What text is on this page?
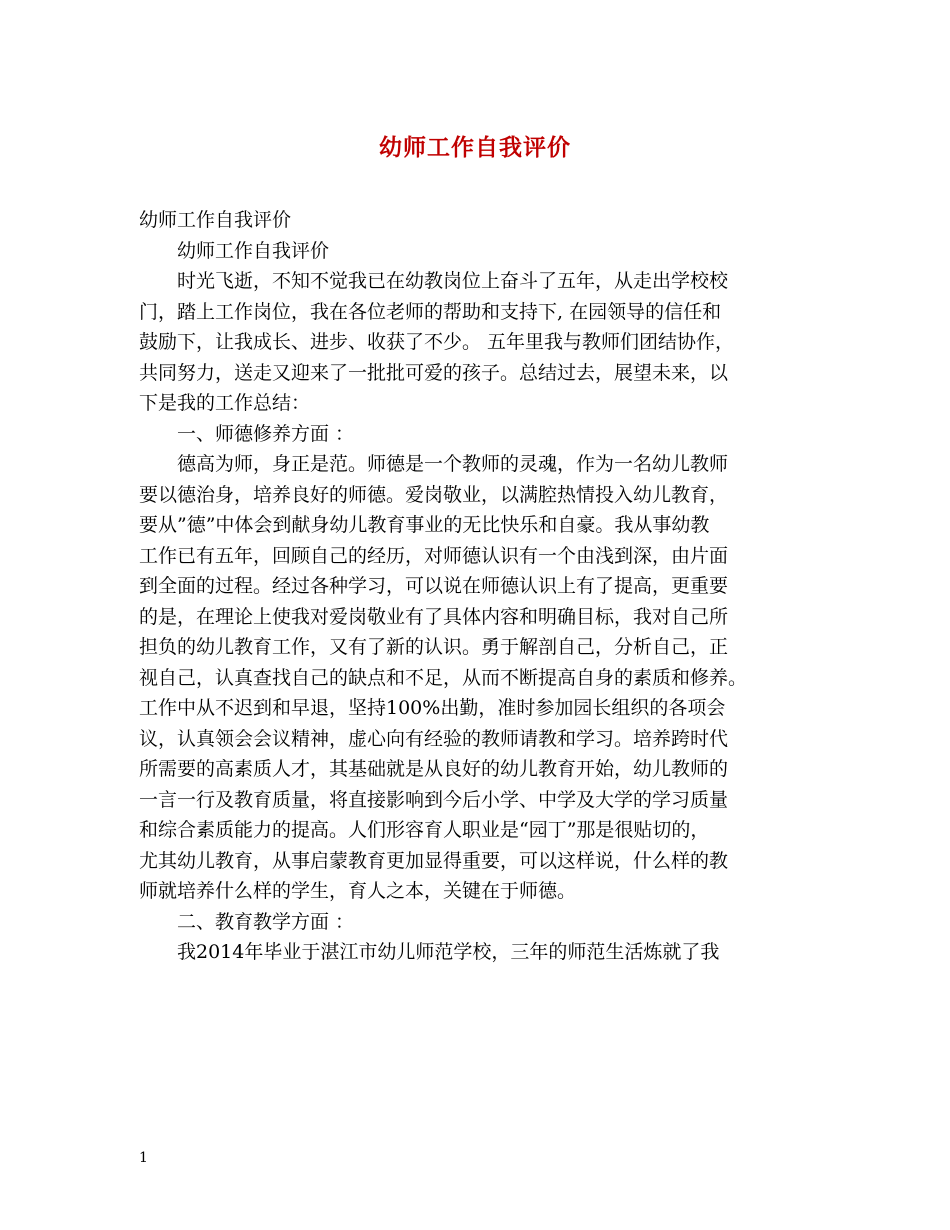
幼师工作自我评价
幼师工作自我评价
幼师工作自我评价
时光飞逝，不知不觉我已在幼教岗位上奋斗了五年，从走出学校校
门，踏上工作岗位，我在各位老师的帮助和支持下, 在园领导的信任和
鼓励下，让我成长、进步、收获了不少。 五年里我与教师们团结协作，
共同努力，送走又迎来了一批批可爱的孩子。总结过去，展望未来，以
下是我的工作总结：
一、师德修养方面 ：
德高为师，身正是范。师德是一个教师的灵魂，作为一名幼儿教师
要以德治身，培养良好的师德。爱岗敬业，以满腔热情投入幼儿教育，
要从”德”中体会到献身幼儿教育事业的无比快乐和自豪。我从事幼教
工作已有五年，回顾自己的经历，对师德认识有一个由浅到深，由片面
到全面的过程。经过各种学习，可以说在师德认识上有了提高，更重要
的是，在理论上使我对爱岗敬业有了具体内容和明确目标，我对自己所
担负的幼儿教育工作，又有了新的认识。勇于解剖自己，分析自己，正
视自己，认真查找自己的缺点和不足，从而不断提高自身的素质和修养。
工作中从不迟到和早退，坚持100%出勤，准时参加园长组织的各项会
议，认真领会会议精神，虚心向有经验的教师请教和学习。培养跨时代
所需要的高素质人才，其基础就是从良好的幼儿教育开始，幼儿教师的
一言一行及教育质量，将直接影响到今后小学、中学及大学的学习质量
和综合素质能力的提高。人们形容育人职业是“园丁”那是很贴切的，
尤其幼儿教育，从事启蒙教育更加显得重要，可以这样说，什么样的教
师就培养什么样的学生，育人之本，关键在于师德。
二、教育教学方面 ：
我2014年毕业于湛江市幼儿师范学校，三年的师范生活炼就了我
1
